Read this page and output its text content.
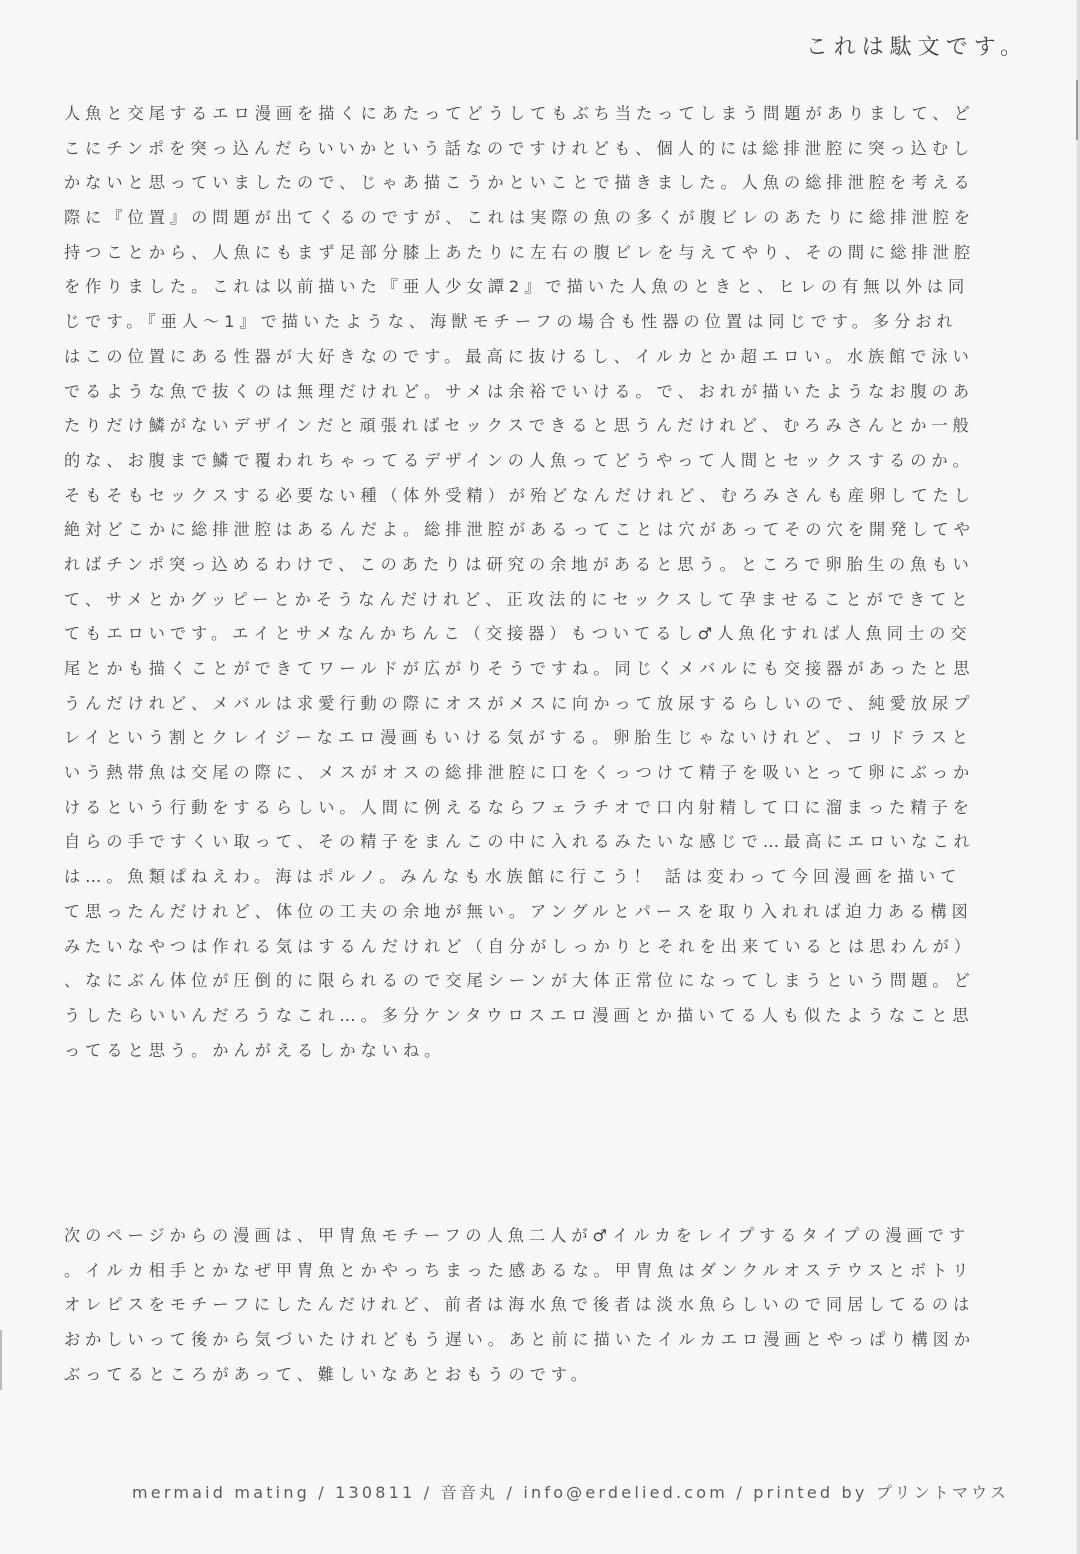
これは駄文です。
人魚と交尾するエロ漫画を描くにあたってどうしてもぶち当たってしまう問題がありまして、ど
こにチンポを突っ込んだらいいかという話なのですけれども、個人的には総排泄腔に突っ込むし
かないと思っていましたので、じゃあ描こうかといことで描きました。人魚の総排泄腔を考える
際に『位置』の問題が出てくるのですが、これは実際の魚の多くが腹ビレのあたりに総排泄腔を
持つことから、人魚にもまず足部分膝上あたりに左右の腹ビレを与えてやり、その間に総排泄腔
を作りました。これは以前描いた『亜人少女譚2』で描いた人魚のときと、ヒレの有無以外は同
じです。『亜人～1』で描いたような、海獣モチーフの場合も性器の位置は同じです。多分おれ
はこの位置にある性器が大好きなのです。最高に抜けるし、イルカとか超エロい。水族館で泳い
でるような魚で抜くのは無理だけれど。サメは余裕でいける。で、おれが描いたようなお腹のあ
たりだけ鱗がないデザインだと頑張ればセックスできると思うんだけれど、むろみさんとか一般
的な、お腹まで鱗で覆われちゃってるデザインの人魚ってどうやって人間とセックスするのか。
そもそもセックスする必要ない種（体外受精）が殆どなんだけれど、むろみさんも産卵してたし
絶対どこかに総排泄腔はあるんだよ。総排泄腔があるってことは穴があってその穴を開発してや
ればチンポ突っ込めるわけで、このあたりは研究の余地があると思う。ところで卵胎生の魚もい
て、サメとかグッピーとかそうなんだけれど、正攻法的にセックスして孕ませることができてと
てもエロいです。エイとサメなんかちんこ（交接器）もついてるし♂人魚化すれば人魚同士の交
尾とかも描くことができてワールドが広がりそうですね。同じくメバルにも交接器があったと思
うんだけれど、メバルは求愛行動の際にオスがメスに向かって放尿するらしいので、純愛放尿プ
レイという割とクレイジーなエロ漫画もいける気がする。卵胎生じゃないけれど、コリドラスと
いう熱帯魚は交尾の際に、メスがオスの総排泄腔に口をくっつけて精子を吸いとって卵にぶっか
けるという行動をするらしい。人間に例えるならフェラチオで口内射精して口に溜まった精子を
自らの手ですくい取って、その精子をまんこの中に入れるみたいな感じで…最高にエロいなこれ
は…。魚類ぱねえわ。海はポルノ。みんなも水族館に行こう！ 話は変わって今回漫画を描いて
て思ったんだけれど、体位の工夫の余地が無い。アングルとパースを取り入れれば迫力ある構図
みたいなやつは作れる気はするんだけれど（自分がしっかりとそれを出来ているとは思わんが）
、なにぶん体位が圧倒的に限られるので交尾シーンが大体正常位になってしまうという問題。ど
うしたらいいんだろうなこれ…。多分ケンタウロスエロ漫画とか描いてる人も似たようなこと思
ってると思う。かんがえるしかないね。
次のページからの漫画は、甲冑魚モチーフの人魚二人が♂イルカをレイプするタイプの漫画です
。イルカ相手とかなぜ甲冑魚とかやっちまった感あるな。甲冑魚はダンクルオステウスとボトリ
オレピスをモチーフにしたんだけれど、前者は海水魚で後者は淡水魚らしいので同居してるのは
おかしいって後から気づいたけれどもう遅い。あと前に描いたイルカエロ漫画とやっぱり構図か
ぶってるところがあって、難しいなあとおもうのです。
mermaid mating / 130811 / 音音丸 / info@erdelied.com / printed by プリントマウス
